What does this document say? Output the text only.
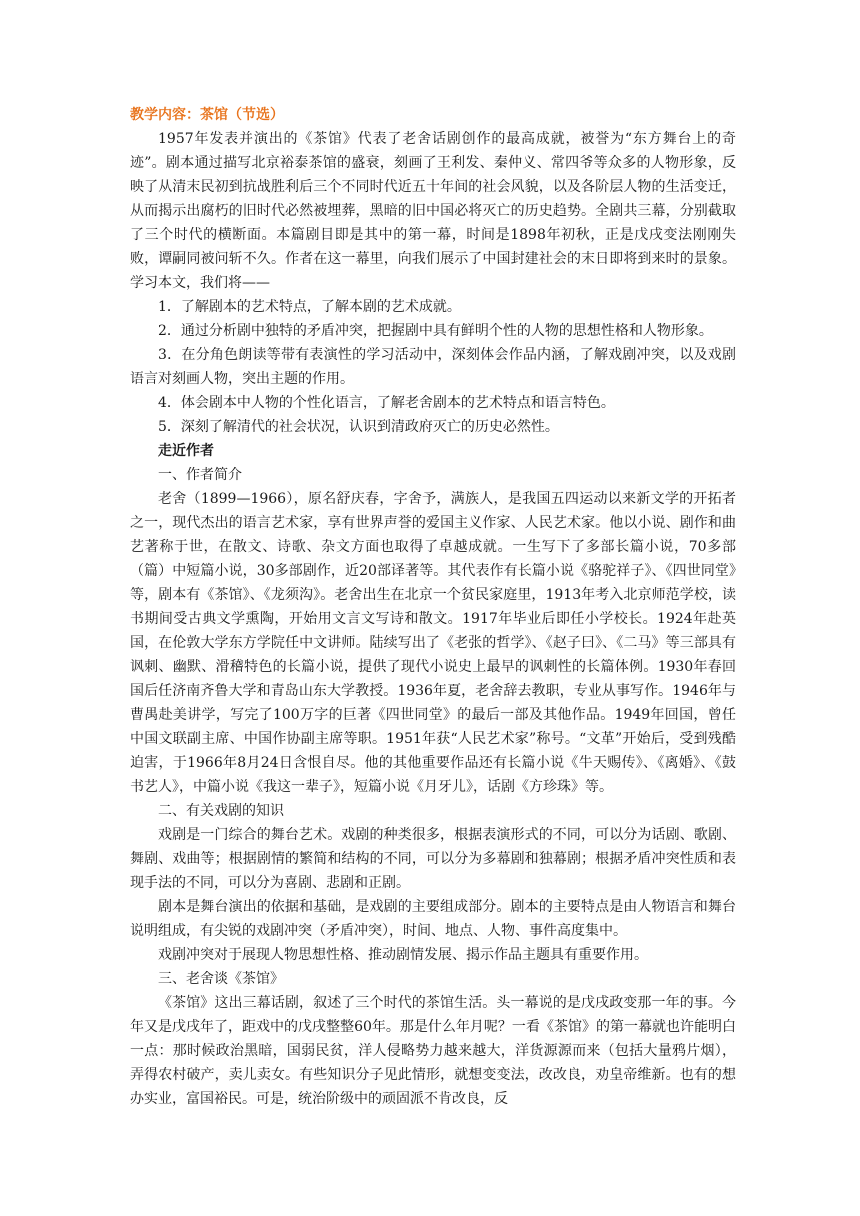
教学内容：茶馆（节选）

1957年发表并演出的《茶馆》代表了老舍话剧创作的最高成就，被誉为“东方舞台上的奇迹”。剧本通过描写北京裕泰茶馆的盛衰，刻画了王利发、秦仲义、常四爷等众多的人物形象，反映了从清末民初到抗战胜利后三个不同时代近五十年间的社会风貌，以及各阶层人物的生活变迁，从而揭示出腐朽的旧时代必然被埋葬，黑暗的旧中国必将灭亡的历史趋势。全剧共三幕，分别截取了三个时代的横断面。本篇剧目即是其中的第一幕，时间是1898年初秋，正是戊戌变法刚刚失败，谭嗣同被问斩不久。作者在这一幕里，向我们展示了中国封建社会的末日即将到来时的景象。学习本文，我们将——

1．了解剧本的艺术特点，了解本剧的艺术成就。

2．通过分析剧中独特的矛盾冲突，把握剧中具有鲜明个性的人物的思想性格和人物形象。

3．在分角色朗读等带有表演性的学习活动中，深刻体会作品内涵，了解戏剧冲突，以及戏剧语言对刻画人物，突出主题的作用。

4．体会剧本中人物的个性化语言，了解老舍剧本的艺术特点和语言特色。

5．深刻了解清代的社会状况，认识到清政府灭亡的历史必然性。

走近作者

一、作者简介

老舍（1899—1966），原名舒庆春，字舍予，满族人，是我国五四运动以来新文学的开拓者之一，现代杰出的语言艺术家，享有世界声誉的爱国主义作家、人民艺术家。他以小说、剧作和曲艺著称于世，在散文、诗歌、杂文方面也取得了卓越成就。一生写下了多部长篇小说，70多部（篇）中短篇小说，30多部剧作，近20部译著等。其代表作有长篇小说《骆驼祥子》、《四世同堂》等，剧本有《茶馆》、《龙须沟》。老舍出生在北京一个贫民家庭里，1913年考入北京师范学校，读书期间受古典文学熏陶，开始用文言文写诗和散文。1917年毕业后即任小学校长。1924年赴英国，在伦敦大学东方学院任中文讲师。陆续写出了《老张的哲学》、《赵子曰》、《二马》等三部具有讽刺、幽默、滑稽特色的长篇小说，提供了现代小说史上最早的讽刺性的长篇体例。1930年春回国后任济南齐鲁大学和青岛山东大学教授。1936年夏，老舍辞去教职，专业从事写作。1946年与曹禺赴美讲学，写完了100万字的巨著《四世同堂》的最后一部及其他作品。1949年回国，曾任中国文联副主席、中国作协副主席等职。1951年获“人民艺术家”称号。“文革”开始后，受到残酷迫害，于1966年8月24日含恨自尽。他的其他重要作品还有长篇小说《牛天赐传》、《离婚》、《鼓书艺人》，中篇小说《我这一辈子》，短篇小说《月牙儿》，话剧《方珍珠》等。

二、有关戏剧的知识

戏剧是一门综合的舞台艺术。戏剧的种类很多，根据表演形式的不同，可以分为话剧、歌剧、舞剧、戏曲等；根据剧情的繁简和结构的不同，可以分为多幕剧和独幕剧；根据矛盾冲突性质和表现手法的不同，可以分为喜剧、悲剧和正剧。

剧本是舞台演出的依据和基础，是戏剧的主要组成部分。剧本的主要特点是由人物语言和舞台说明组成，有尖锐的戏剧冲突（矛盾冲突），时间、地点、人物、事件高度集中。

戏剧冲突对于展现人物思想性格、推动剧情发展、揭示作品主题具有重要作用。

三、老舍谈《茶馆》

《茶馆》这出三幕话剧，叙述了三个时代的茶馆生活。头一幕说的是戊戌政变那一年的事。今年又是戊戌年了，距戏中的戊戌整整60年。那是什么年月呢？一看《茶馆》的第一幕就也许能明白一点：那时候政治黑暗，国弱民贫，洋人侵略势力越来越大，洋货源源而来（包括大量鸦片烟），弄得农村破产，卖儿卖女。有些知识分子见此情形，就想变变法，改改良，劝皇帝维新。也有的想办实业，富国裕民。可是，统治阶级中的顽固派不肯改良，反
